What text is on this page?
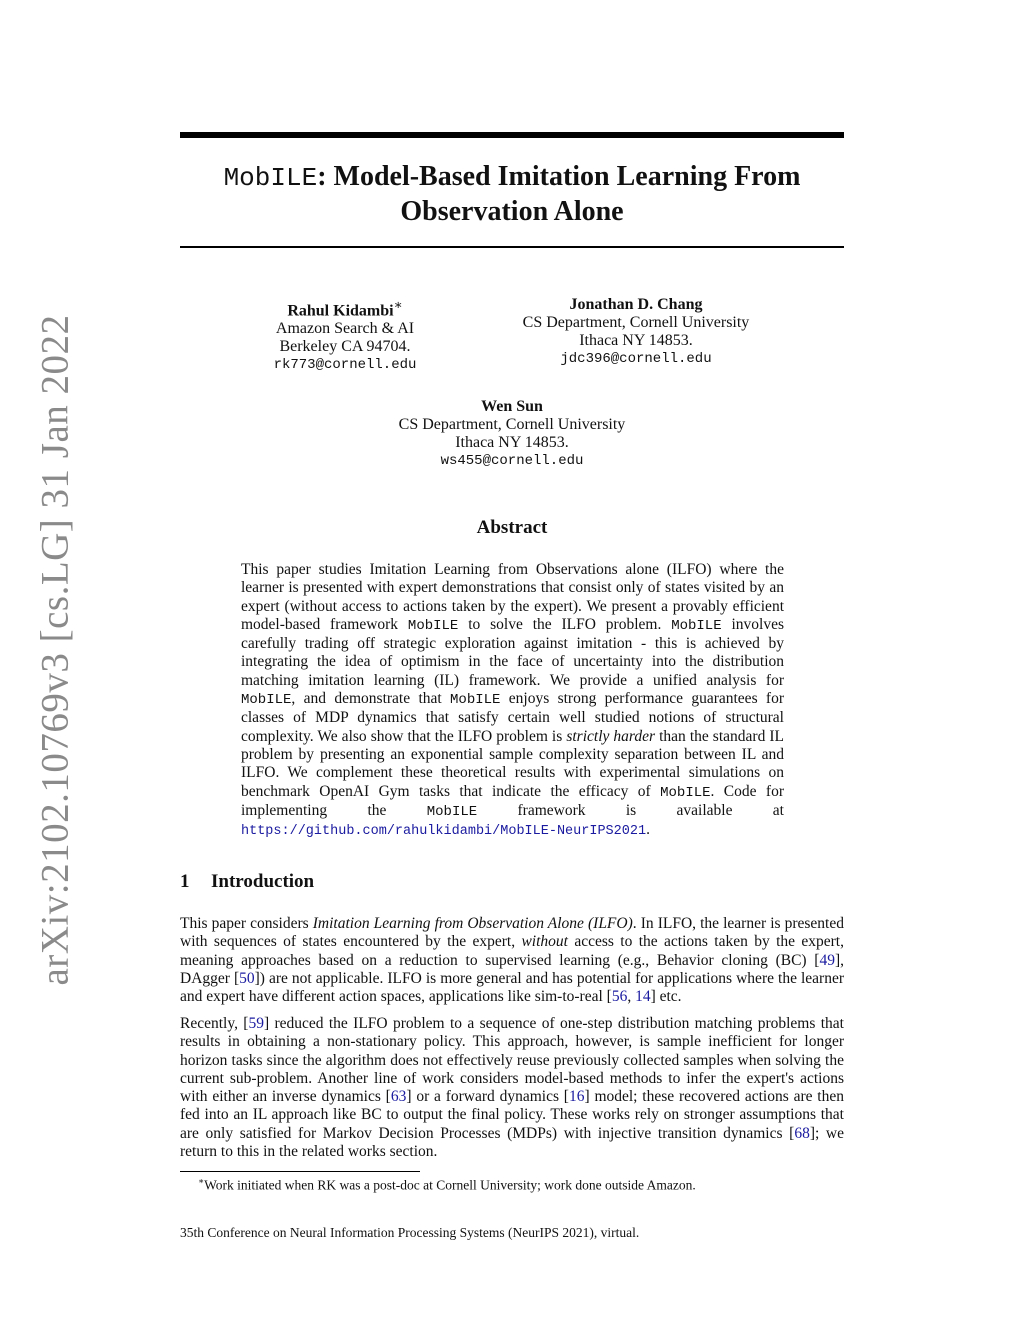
arXiv:2102.10769v3 [cs.LG] 31 Jan 2022
MobILE: Model-Based Imitation Learning From
Observation Alone
Rahul Kidambi∗
Amazon Search & AI
Berkeley CA 94704.
rk773@cornell.edu
Jonathan D. Chang
CS Department, Cornell University
Ithaca NY 14853.
jdc396@cornell.edu
Wen Sun
CS Department, Cornell University
Ithaca NY 14853.
ws455@cornell.edu
Abstract
This paper studies Imitation Learning from Observations alone (ILFO) where the learner is presented with expert demonstrations that consist only of states visited by an expert (without access to actions taken by the expert). We present a provably efficient model-based framework MobILE to solve the ILFO problem. MobILE involves carefully trading off strategic exploration against imitation - this is achieved by integrating the idea of optimism in the face of uncertainty into the distribution matching imitation learning (IL) framework. We provide a unified analysis for MobILE, and demonstrate that MobILE enjoys strong performance guarantees for classes of MDP dynamics that satisfy certain well studied notions of structural complexity. We also show that the ILFO problem is strictly harder than the standard IL problem by presenting an exponential sample complexity separation between IL and ILFO. We complement these theoretical results with experimental simulations on benchmark OpenAI Gym tasks that indicate the efficacy of MobILE. Code for implementing the MobILE framework is available at https://github.com/rahulkidambi/MobILE-NeurIPS2021.
1 Introduction
This paper considers Imitation Learning from Observation Alone (ILFO). In ILFO, the learner is presented with sequences of states encountered by the expert, without access to the actions taken by the expert, meaning approaches based on a reduction to supervised learning (e.g., Behavior cloning (BC) [49], DAgger [50]) are not applicable. ILFO is more general and has potential for applications where the learner and expert have different action spaces, applications like sim-to-real [56, 14] etc.
Recently, [59] reduced the ILFO problem to a sequence of one-step distribution matching problems that results in obtaining a non-stationary policy. This approach, however, is sample inefficient for longer horizon tasks since the algorithm does not effectively reuse previously collected samples when solving the current sub-problem. Another line of work considers model-based methods to infer the expert's actions with either an inverse dynamics [63] or a forward dynamics [16] model; these recovered actions are then fed into an IL approach like BC to output the final policy. These works rely on stronger assumptions that are only satisfied for Markov Decision Processes (MDPs) with injective transition dynamics [68]; we return to this in the related works section.
∗Work initiated when RK was a post-doc at Cornell University; work done outside Amazon.
35th Conference on Neural Information Processing Systems (NeurIPS 2021), virtual.
